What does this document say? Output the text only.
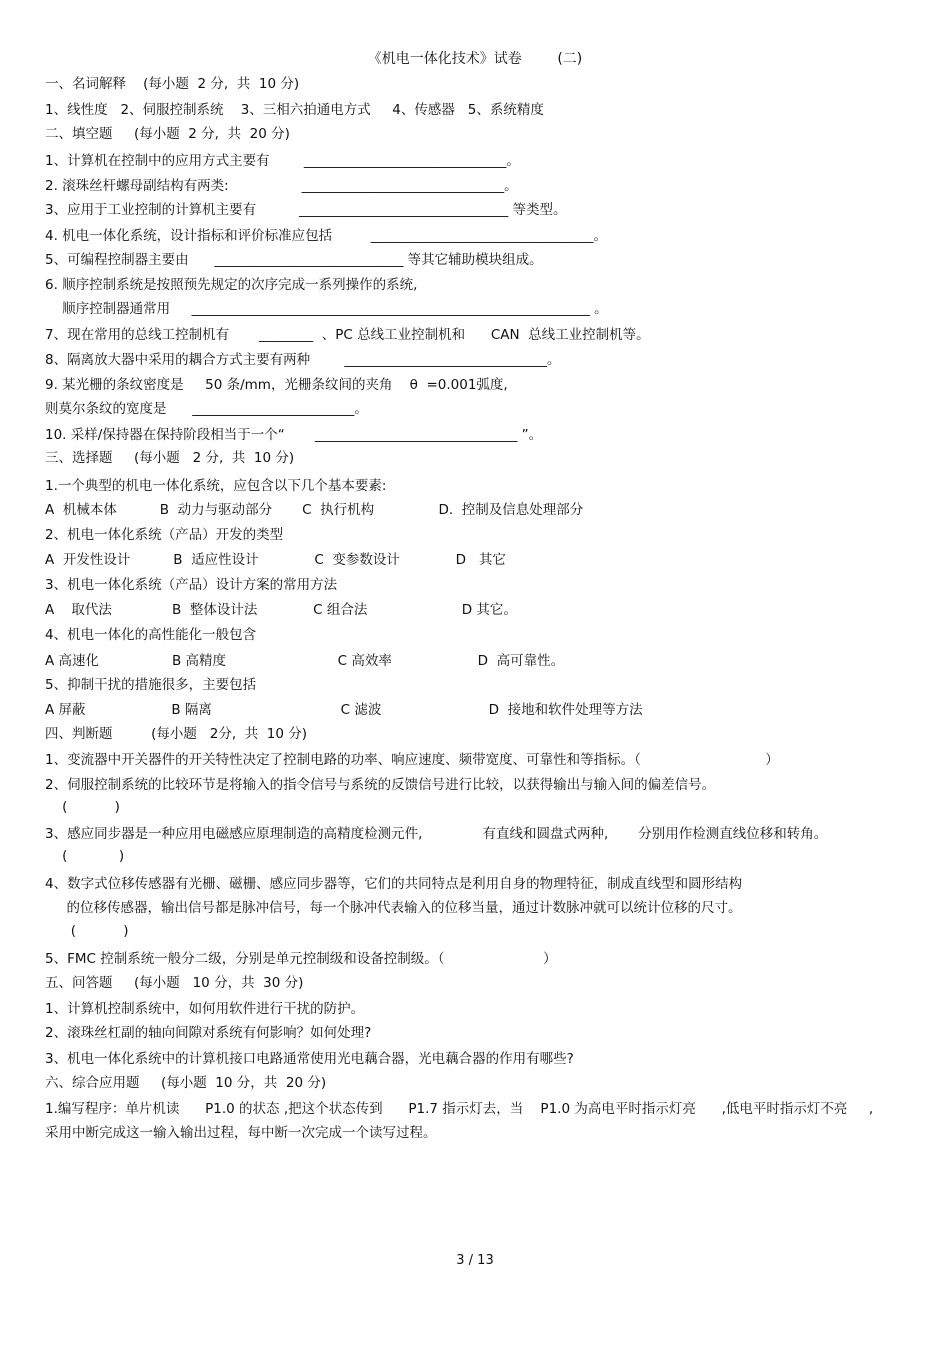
《机电一体化技术》试卷        (二)
一、名词解释    (每小题  2 分,  共  10 分)
1、线性度   2、伺服控制系统    3、三相六拍通电方式     4、传感器   5、系统精度
二、填空题     (每小题  2 分,  共  20 分)
1、计算机在控制中的应用方式主要有        ______________________________。
2. 滚珠丝杆螺母副结构有两类:                 ______________________________。
3、应用于工业控制的计算机主要有          _______________________________ 等类型。
4. 机电一体化系统，设计指标和评价标准应包括         _________________________________。
5、可编程控制器主要由      ____________________________ 等其它辅助模块组成。
6. 顺序控制系统是按照预先规定的次序完成一系列操作的系统,
顺序控制器通常用     ___________________________________________________________ 。
7、现在常用的总线工控制机有       ________  、PC 总线工业控制机和      CAN  总线工业控制机等。
8、隔离放大器中采用的耦合方式主要有两种        ______________________________。
9. 某光栅的条纹密度是     50 条/mm，光栅条纹间的夹角    θ  =0.001弧度,
则莫尔条纹的宽度是      ________________________。
10. 采样/保持器在保持阶段相当于一个“       ______________________________ ”。
三、选择题     (每小题   2 分,  共  10 分)
1.一个典型的机电一体化系统，应包含以下几个基本要素:
A  机械本体          B  动力与驱动部分       C  执行机构               D.  控制及信息处理部分
2、机电一体化系统（产品）开发的类型
A  开发性设计          B  适应性设计             C  变参数设计             D   其它
3、机电一体化系统（产品）设计方案的常用方法
A    取代法              B  整体设计法             C 组合法                      D 其它。
4、机电一体化的高性能化一般包含
A 高速化                 B 高精度                          C 高效率                    D  高可靠性。
5、抑制干扰的措施很多，主要包括
A 屏蔽                    B 隔离                              C 滤波                         D  接地和软件处理等方法
四、判断题         (每小题   2分,  共  10 分)
1、变流器中开关器件的开关特性决定了控制电路的功率、响应速度、频带宽度、可靠性和等指标。（                             ）
2、伺服控制系统的比较环节是将输入的指令信号与系统的反馈信号进行比较，以获得输出与输入间的偏差信号。
(           )
3、感应同步器是一种应用电磁感应原理制造的高精度检测元件,              有直线和圆盘式两种,       分别用作检测直线位移和转角。
(            )
4、数字式位移传感器有光栅、磁栅、感应同步器等，它们的共同特点是利用自身的物理特征，制成直线型和圆形结构
的位移传感器，输出信号都是脉冲信号，每一个脉冲代表输入的位移当量，通过计数脉冲就可以统计位移的尺寸。
(           )
5、FMC 控制系统一般分二级，分别是单元控制级和设备控制级。（                       ）
五、问答题     (每小题   10 分，共  30 分)
1、计算机控制系统中，如何用软件进行干扰的防护。
2、滚珠丝杠副的轴向间隙对系统有何影响？如何处理?
3、机电一体化系统中的计算机接口电路通常使用光电藕合器，光电藕合器的作用有哪些?
六、综合应用题     (每小题  10 分，共  20 分)
1.编写程序：单片机读      P1.0 的状态 ,把这个状态传到      P1.7 指示灯去，当    P1.0 为高电平时指示灯亮      ,低电平时指示灯不亮     ,
采用中断完成这一输入输出过程，每中断一次完成一个读写过程。
3 / 13
